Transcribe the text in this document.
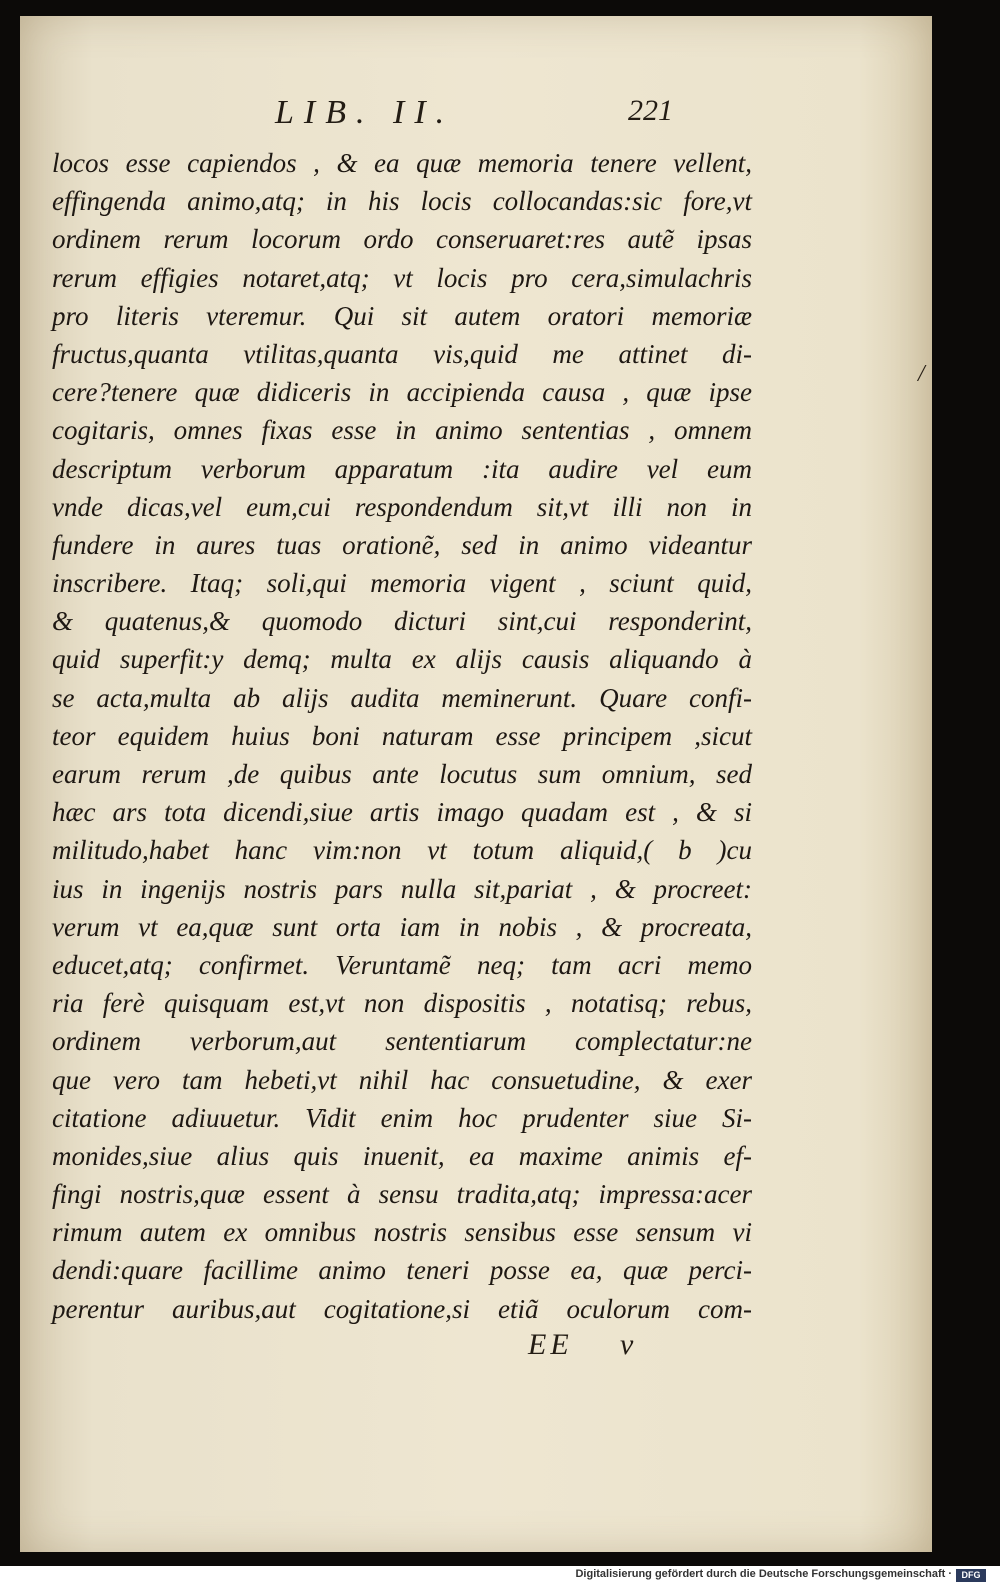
LIB. II.	221
locos esse capiendos , & ea quæ memoria tenere vellent,
effingenda animo,atq; in his locis collocandas:sic fore,vt
ordinem rerum locorum ordo conseruaret:res autẽ ipsas
rerum effigies notaret,atq; vt locis pro cera,simulachris
pro literis vteremur. Qui sit autem oratori memoriæ
fructus,quanta vtilitas,quanta vis,quid me attinet di-
cere?tenere quæ didiceris in accipienda causa , quæ ipse
cogitaris, omnes fixas esse in animo sententias , omnem
descriptum verborum apparatum :ita audire vel eum
vnde dicas,vel eum,cui respondendum sit,vt illi non in
fundere in aures tuas orationẽ, sed in animo videantur
inscribere. Itaq; soli,qui memoria vigent , sciunt quid,
& quatenus,& quomodo dicturi sint,cui responderint,
quid superfit:y demq; multa ex alijs causis aliquando à
se acta,multa ab alijs audita meminerunt. Quare confi-
teor equidem huius boni naturam esse principem ,sicut
earum rerum ,de quibus ante locutus sum omnium, sed
hæc ars tota dicendi,siue artis imago quadam est , & si
militudo,habet hanc vim:non vt totum aliquid,( b )cu
ius in ingenijs nostris pars nulla sit,pariat , & procreet:
verum vt ea,quæ sunt orta iam in nobis , & procreata,
educet,atq; confirmet. Veruntamẽ neq; tam acri memo
ria ferè quisquam est,vt non dispositis , notatisq; rebus,
ordinem verborum,aut sententiarum complectatur:ne
que vero tam hebeti,vt nihil hac consuetudine, & exer
citatione adiuuetur. Vidit enim hoc prudenter siue Si-
monides,siue alius quis inuenit, ea maxime animis ef-
fingi nostris,quæ essent à sensu tradita,atq; impressa:acer
rimum autem ex omnibus nostris sensibus esse sensum vi
dendi:quare facillime animo teneri posse ea, quæ perci-
perentur auribus,aut cogitatione,si etiã oculorum com-
/
EE v
Digitalisierung gefördert durch die Deutsche Forschungsgemeinschaft ·	DFG
